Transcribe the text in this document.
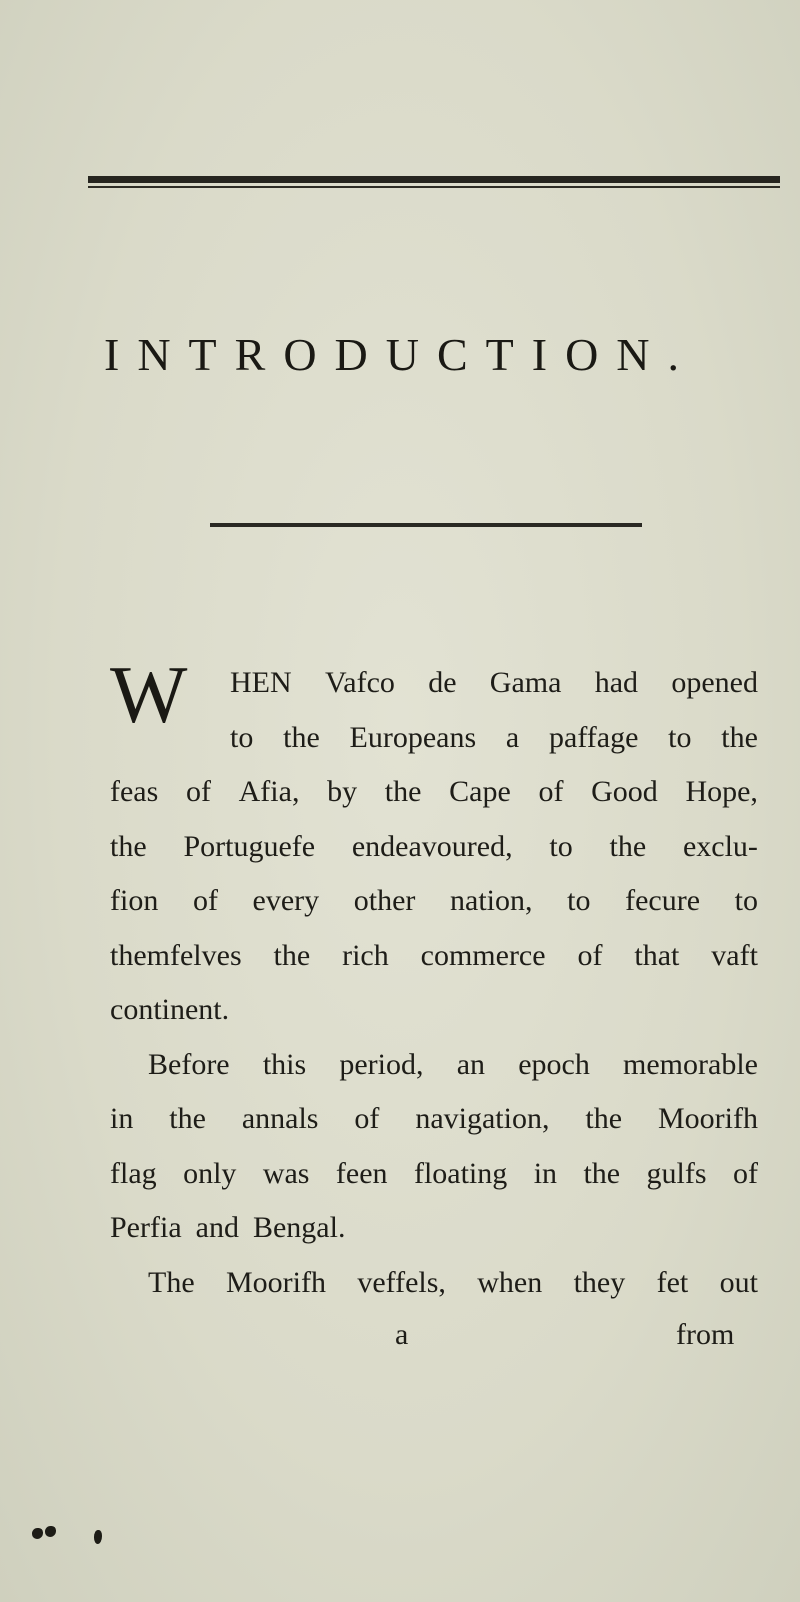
INTRODUCTION.
W HEN Vafco de Gama had opened
to the Europeans a paffage to the
feas of Afia, by the Cape of Good Hope,
the Portuguefe endeavoured, to the exclu-
fion of every other nation, to fecure to
themfelves the rich commerce of that vaft
continent.
Before this period, an epoch memorable
in the annals of navigation, the Moorifh
flag only was feen floating in the gulfs of
Perfia and Bengal.
The Moorifh veffels, when they fet out
a	from
